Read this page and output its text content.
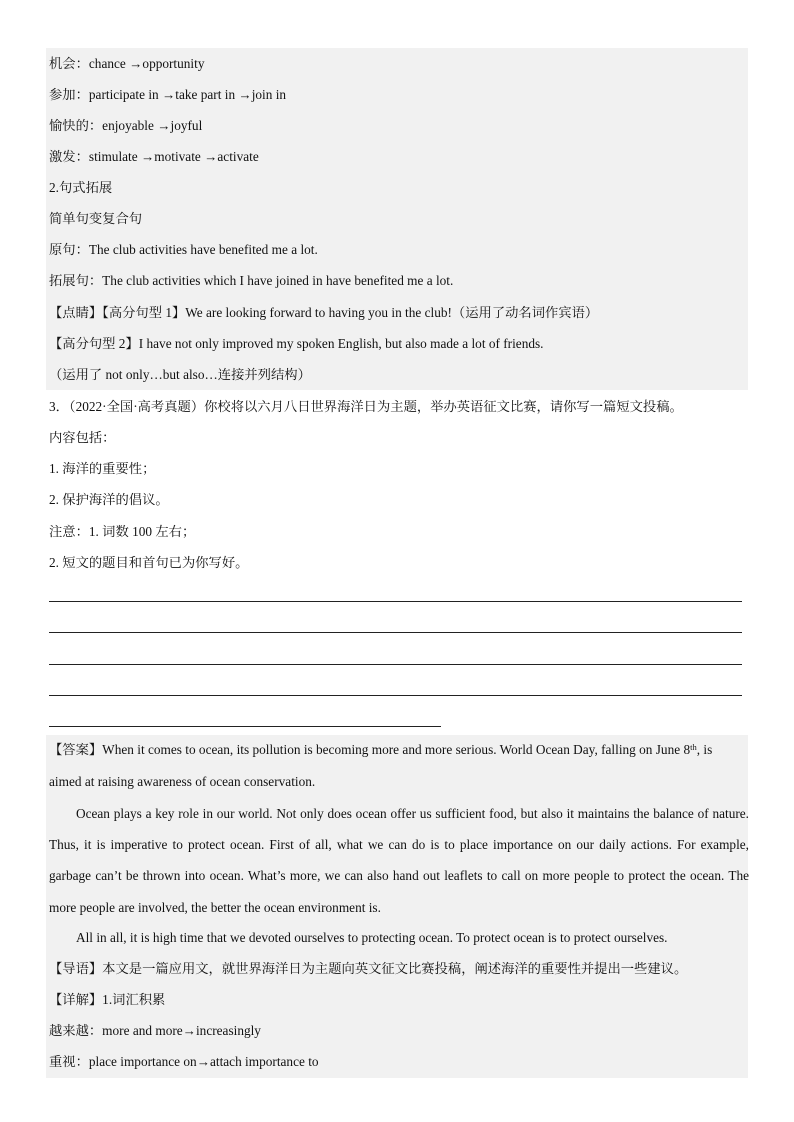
机会：chance →opportunity
参加：participate in →take part in →join in
愉快的：enjoyable →joyful
激发：stimulate →motivate →activate
2.句式拓展
简单句变复合句
原句：The club activities have benefited me a lot.
拓展句：The club activities which I have joined in have benefited me a lot.
【点睛】【高分句型 1】We are looking forward to having you in the club!（运用了动名词作宾语）
【高分句型 2】I have not only improved my spoken English, but also made a lot of friends.
（运用了 not only…but also…连接并列结构）
3．（2022·全国·高考真题）你校将以六月八日世界海洋日为主题，举办英语征文比赛，请你写一篇短文投稿。
内容包括：
1. 海洋的重要性；
2. 保护海洋的倡议。
注意：1. 词数 100 左右；
2. 短文的题目和首句已为你写好。
【答案】When it comes to ocean, its pollution is becoming more and more serious. World Ocean Day, falling on June 8th, is
aimed at raising awareness of ocean conservation.
Ocean plays a key role in our world. Not only does ocean offer us sufficient food, but also it maintains the balance of nature. Thus, it is imperative to protect ocean. First of all, what we can do is to place importance on our daily actions. For example, garbage can’t be thrown into ocean. What’s more, we can also hand out leaflets to call on more people to protect the ocean. The more people are involved, the better the ocean environment is.
All in all, it is high time that we devoted ourselves to protecting ocean. To protect ocean is to protect ourselves.
【导语】本文是一篇应用文，就世界海洋日为主题向英文征文比赛投稿，阐述海洋的重要性并提出一些建议。
【详解】1.词汇积累
越来越：more and more→increasingly
重视：place importance on→attach importance to
